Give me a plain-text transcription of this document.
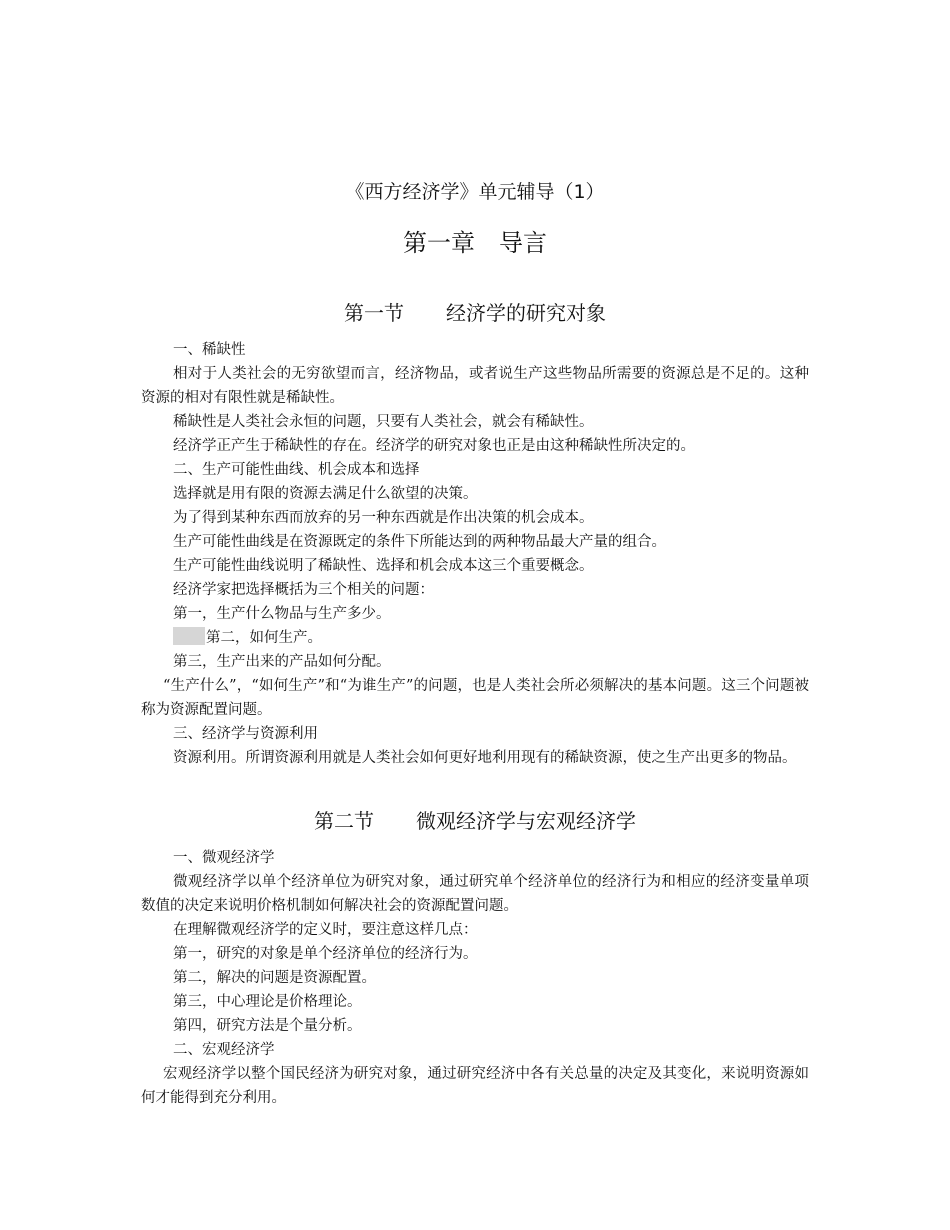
《西方经济学》单元辅导（1）
第一章　导言
第一节 经济学的研究对象

一、稀缺性

相对于人类社会的无穷欲望而言，经济物品，或者说生产这些物品所需要的资源总是不足的。这种资源的相对有限性就是稀缺性。

稀缺性是人类社会永恒的问题，只要有人类社会，就会有稀缺性。

经济学正产生于稀缺性的存在。经济学的研究对象也正是由这种稀缺性所决定的。

二、生产可能性曲线、机会成本和选择

选择就是用有限的资源去满足什么欲望的决策。

为了得到某种东西而放弃的另一种东西就是作出决策的机会成本。

生产可能性曲线是在资源既定的条件下所能达到的两种物品最大产量的组合。

生产可能性曲线说明了稀缺性、选择和机会成本这三个重要概念。

经济学家把选择概括为三个相关的问题：

第一，生产什么物品与生产多少。

第二，如何生产。

第三，生产出来的产品如何分配。

“生产什么”，“如何生产”和“为谁生产”的问题，也是人类社会所必须解决的基本问题。这三个问题被称为资源配置问题。

三、经济学与资源利用

资源利用。所谓资源利用就是人类社会如何更好地利用现有的稀缺资源，使之生产出更多的物品。

第二节 微观经济学与宏观经济学

一、微观经济学

微观经济学以单个经济单位为研究对象，通过研究单个经济单位的经济行为和相应的经济变量单项数值的决定来说明价格机制如何解决社会的资源配置问题。

在理解微观经济学的定义时，要注意这样几点：

第一，研究的对象是单个经济单位的经济行为。

第二，解决的问题是资源配置。

第三，中心理论是价格理论。

第四，研究方法是个量分析。

二、宏观经济学

宏观经济学以整个国民经济为研究对象，通过研究经济中各有关总量的决定及其变化，来说明资源如何才能得到充分利用。
